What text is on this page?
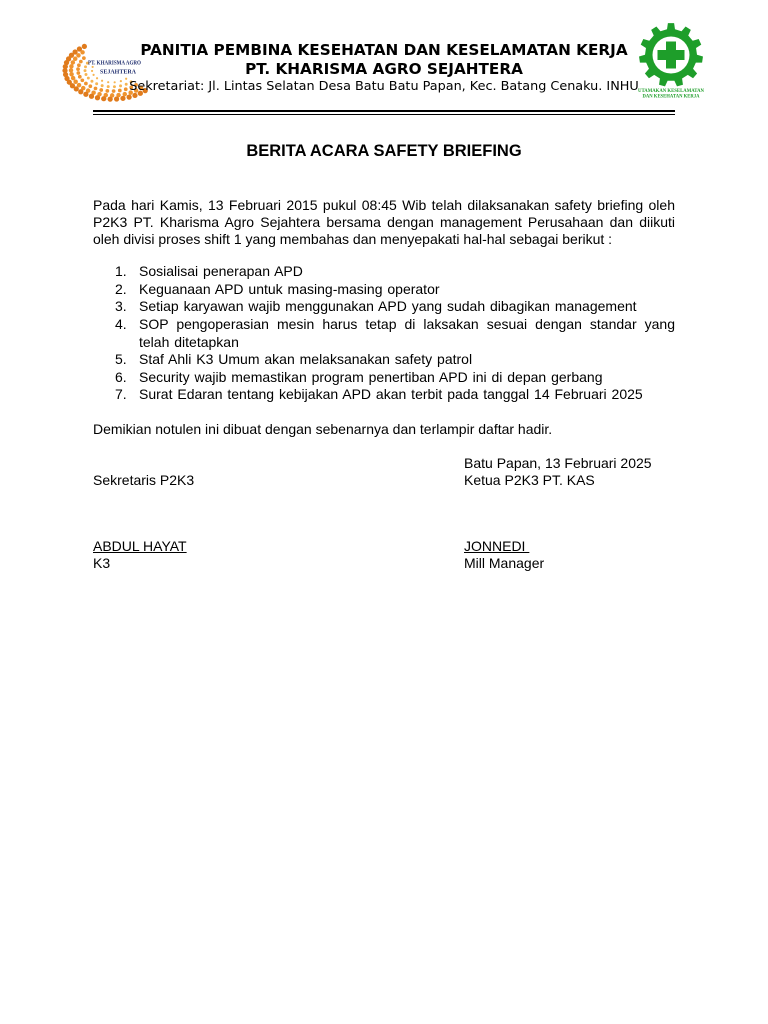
PT. KHARISMA AGRO
SEJAHTERA
UTAMAKAN KESELAMATAN
DAN KESEHATAN KERJA
PANITIA PEMBINA KESEHATAN DAN KESELAMATAN KERJA
PT. KHARISMA AGRO SEJAHTERA
Sekretariat: Jl. Lintas Selatan Desa Batu Batu Papan, Kec. Batang Cenaku. INHU
BERITA ACARA SAFETY BRIEFING
Pada hari Kamis, 13 Februari 2015 pukul 08:45 Wib telah dilaksanakan safety briefing oleh P2K3 PT. Kharisma Agro Sejahtera bersama dengan management Perusahaan dan diikuti oleh divisi proses shift 1 yang membahas dan menyepakati hal-hal sebagai berikut :
1. Sosialisai penerapan APD
2. Keguanaan APD untuk masing-masing operator
3. Setiap karyawan wajib menggunakan APD yang sudah dibagikan management
4. SOP pengoperasian mesin harus tetap di laksakan sesuai dengan standar yang telah ditetapkan
5. Staf Ahli K3 Umum akan melaksanakan safety patrol
6. Security wajib memastikan program penertiban APD ini di depan gerbang
7. Surat Edaran tentang kebijakan APD akan terbit pada tanggal 14 Februari 2025
Demikian notulen ini dibuat dengan sebenarnya dan terlampir daftar hadir.
Batu Papan, 13 Februari 2025
Sekretaris P2K3	Ketua P2K3 PT. KAS
ABDUL HAYAT	JONNEDI
K3	Mill Manager
